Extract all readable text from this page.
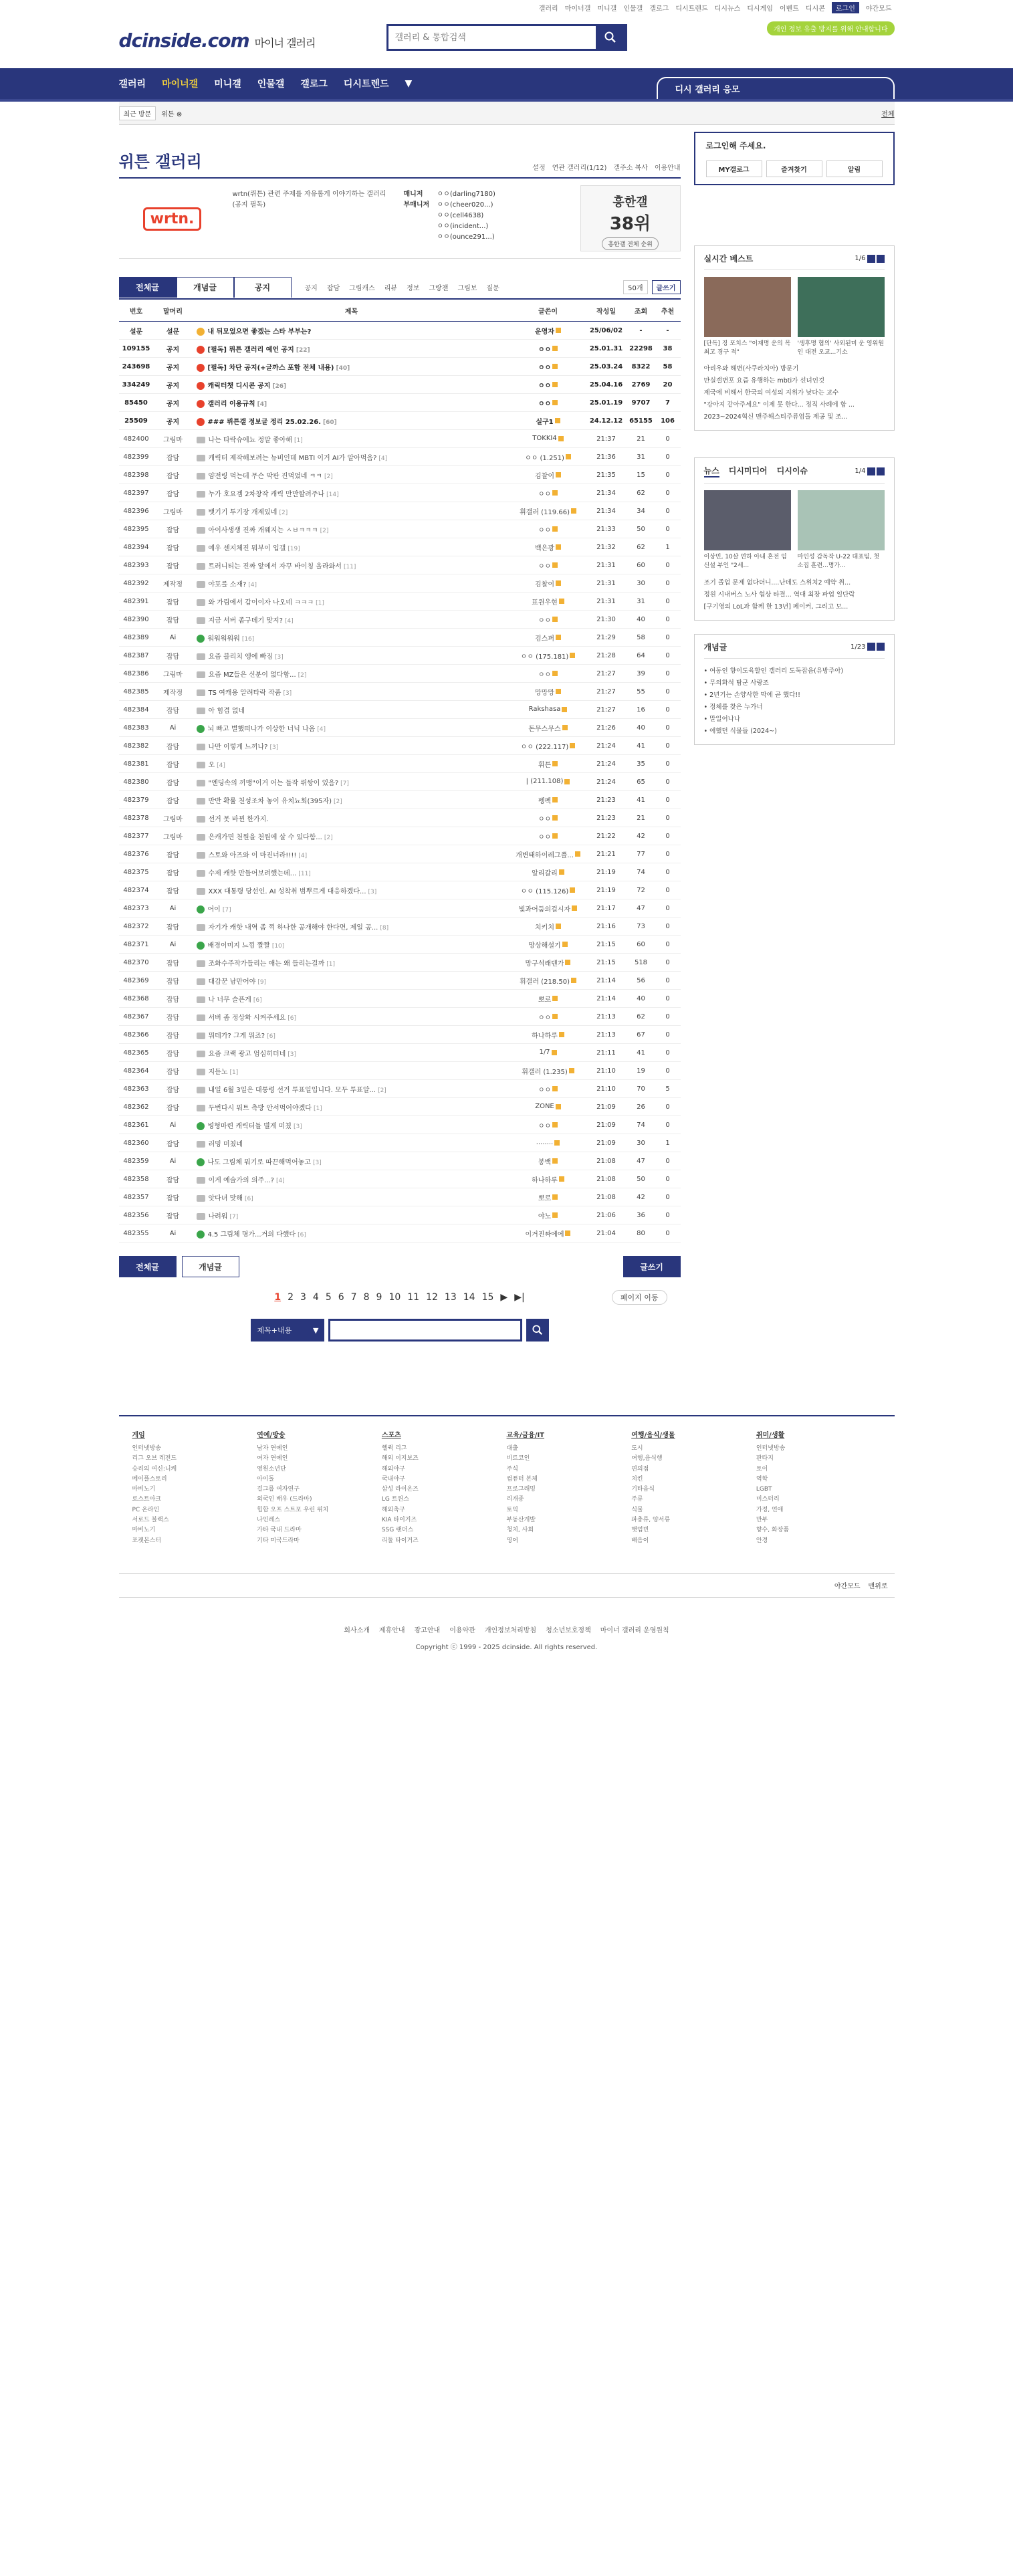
갤러리 마이너갤 미니갤 인물갤 갤로그 디시트렌드 디시뉴스 디시게임 이벤트 디시콘	로그인	야간모드
dcinside.com 마이너 갤러리
갤러리 & 통합검색
개인 정보 유출 방지를 위해 안내합니다
갤러리 마이너갤 미니갤 인물갤 갤로그 디시트렌드 ▼
디시 갤러리 응모
최근 방문	위튼 ⊗	전체
위튼 갤러리	설정 연관 갤러리(1/12) 갤주소 복사 이용안내
wrtn.
wrtn(뤼튼) 관련 주제를 자유롭게 이야기하는 갤러리 (공지 필독)
매니저 ㅇㅇ(darling7180)
부매니저 ㅇㅇ(cheer020...)
ㅇㅇ(cell4638)
ㅇㅇ(incident...)
ㅇㅇ(ounce291...)
흥한갤
38위
흥한갤 전체 순위
전체글	개념글	공지	공지 잡담 그림캐스 리뷰 정보 그랑챈 그림보 질문	50개	글쓰기
번호	말머리	제목	글쓴이	작성일	조회	추천
설문	설문	내 뒤모었으면 좋겠는 스타 부부는?	운영자	25/06/02	-	-
109155	공지	[필독] 뤼튼 갤러리 예언 공지 [22]	ㅇㅇ	25.01.31	22298	38
243698	공지	[필독] 차단 공지(+글까스 포함 전체 내용) [40]	ㅇㅇ	25.03.24	8322	58
334249	공지	캐릭터챗 디시콘 공지 [26]	ㅇㅇ	25.04.16	2769	20
85450	공지	갤러리 이용규칙 [4]	ㅇㅇ	25.01.19	9707	7
25509	공지	### 뤼튼갤 정보글 정리 25.02.26. [60]	실구1	24.12.12	65155	106
482400	그림마	나는 타락슈에뇨 정말 좋아해 [1]	TOKKI4	21:37	21	0
482399	잡담	캐릭터 제작해보려는 뉴비인데 MBTI 이거 AI가 알아먹음? [4]	ㅇㅇ (1.251)	21:36	31	0
482398	잡담	얌전링 먹는데 무슨 막판 진먹었네 ㅋㅋ [2]	김찰이	21:35	15	0
482397	잡담	누가 호요겜 2차창작 캐릭 만만할려주나 [14]	ㅇㅇ	21:34	62	0
482396	그림마	뱃기기 투기장 개제있네 [2]	휘갤러 (119.66)	21:34	34	0
482395	잡담	아이사생생 진짜 개웨지는 ㅅㅂㅋㅋㅋ [2]	ㅇㅇ	21:33	50	0
482394	잡담	예우 센지체진 뭐부이 입갤 [19]	백은광	21:32	62	1
482393	잡담	트러니티는 진짜 앞에서 자꾸 바이칭 올라와서 [11]	ㅇㅇ	21:31	60	0
482392	제작정	야포를 소재? [4]	김찰이	21:31	30	0
482391	잡담	와 가림에서 갑이이자 나오네 ㅋㅋㅋ [1]	표원우현	21:31	31	0
482390	잡담	지금 서버 좀구데기 맞지? [4]	ㅇㅇ	21:30	40	0
482389	Ai	워워워워워 [16]	검스퍼	21:29	58	0
482387	잡담	요즘 블리치 엥에 빠짐 [3]	ㅇㅇ (175.181)	21:28	64	0
482386	그림마	요즘 MZ들은 신분이 없다함... [2]	ㅇㅇ	21:27	39	0
482385	제작정	TS 여캐용 알려타락 작품 [3]	망망망	21:27	55	0
482384	잡담	아 힘겹 없네	Rakshasa	21:27	16	0
482383	Ai	뇌 빠고 별했떠나가 이상한 너닉 나옴 [4]	돈무스무스	21:26	40	0
482382	잡담	나만 이렇게 느끼나? [3]	ㅇㅇ (222.117)	21:24	41	0
482381	잡담	오 [4]	휘튼	21:24	35	0
482380	잡담	"엔딩속의 끼맹"이거 어는 들작 뤼쌍이 있음? [7]	| (211.108)	21:24	65	0
482379	잡담	반반 확률 천성조차 놓이 유치뇨회(395자) [2]	펭펙	21:23	41	0
482378	그림마	선거 못 바뀐 한가지.	ㅇㅇ	21:23	21	0
482377	그림마	은캐가면 천원을 천원에 살 수 있다함... [2]	ㅇㅇ	21:22	42	0
482376	잡담	스토와 아즈와 이 마진너라!!!! [4]	개변태하이레그플...	21:21	77	0
482375	잡담	수제 캐핫 만들어보려했는데... [11]	알리갈리	21:19	74	0
482374	잡담	XXX 대통령 당선인. AI 성착취 범뿌르게 대응하겠다... [3]	ㅇㅇ (115.126)	21:19	72	0
482373	Ai	어이 [7]	빛과어둠의걸시자	21:17	47	0
482372	잡담	자기가 캐핫 내역 좀 꺽 하나한 공개해야 한다면, 제일 공... [8]	치키치	21:16	73	0
482371	Ai	배경이미지 느낌 짤짤 [10]	망상해설기	21:15	60	0
482370	잡담	조화수주작가들리는 애는 왜 들리는걸까 [1]	망구석래덴가	21:15	518	0
482369	잡담	대감꾼 남만어야 [9]	휘갤러 (218.50)	21:14	56	0
482368	잡담	나 너무 슬픈게 [6]	뽀로	21:14	40	0
482367	잡담	서버 좀 정상화 시켜주세요 [6]	ㅇㅇ	21:13	62	0
482366	잡담	뭐데가? 그게 뭐죠? [6]	하나하루	21:13	67	0
482365	잡담	요즘 크랙 광고 엄심히더네 [3]	1/7	21:11	41	0
482364	잡담	지듣노 [1]	휘갤러 (1.235)	21:10	19	0
482363	잡담	내일 6월 3일은 대통령 선거 투표일입니다. 모두 투표알... [2]	ㅇㅇ	21:10	70	5
482362	잡담	두번다시 뭐트 측방 안서먹어야겠다 [1]	ZONE	21:09	26	0
482361	Ai	병형마련 캐릭터들 별게 미쳤 [3]	ㅇㅇ	21:09	74	0
482360	잡담	러밍 미쳤네	........	21:09	30	1
482359	Ai	나도 그림체 뭐기로 따끈해먹어놓고 [3]	봉백	21:08	47	0
482358	잡담	이게 예술가의 의주...? [4]	하나하루	21:08	50	0
482357	잡담	앗다녀 맛해 [6]	뽀로	21:08	42	0
482356	잡담	나려워 [7]	야노	21:06	36	0
482355	Ai	4.5 그림체 명가...거의 다했다 [6]	이거진짜에에	21:04	80	0
전체글	개념글	글쓰기
1 2 3 4 5 6 7 8 9 10 11 12 13 14 15 ▶ ▶|	페이지 이동
제목+내용	▼
로그인해 주세요.
MY갤로그	즐겨찾기	알림
실시간 베스트	1/6

[단독] 징 포치스 "이재명 운의 목 최고 경구 적"

'생후명 협의' 사외된미 운 영위원인 대전 오교...기소

아리우와 해변(사쿠라치아) 방문기
만실갤변포 요즘 유행하는 mbti가 선녀인것
제국에 비해서 한국의 여성의 지위가 낮다는 교수
"강아지 같아주세요" 이제 못 한다... 정직 사례에 합 ...
2023~2024혁신 맨주해스티주류엄돌 제공 및 조...
뉴스 디시미디어 디시이슈	1/4

이상민, 10살 연하 아내 혼전 임신설 부인 "2세...

마인성 감독작 U-22 대표팀, 첫 소집 훈련...명가...

조기 졸업 문제 없다더니....난데도 스위치2 예약 취...
정원 시내버스 노사 협상 타결... 역대 최장 파업 일단락
[구기영의 LoL과 함께 한 13년] 페이커, 그리고 모...
개념글	1/23
• 여동인 향이도육할인 갤러리 도둑잡음(유방주아)
• 무의화석 탐군 사랑조
• 2년기는 손양사한 막에 곧 했다!!
• 정체를 찾은 누가너
• 말일어나나
• 애했던 식물들 (2024~)
게임
인터넷방송
리그 오브 레전드
승리의 여신:니케
메이플스토리
마비노기
로스트아크
PC 온라인
서로드 블랙스
마비노기
포켓몬스터
연예/방송
남자 연예인
여자 연예인
영원소년단
아이돌
걸그룹 여자연구
외국인 배우 (드라마)
힙합 오프 스트포 우린 위치
나인레스
가타 국내 드라마
기타 미국드라마
스포츠
헬퀵 리그
해외 이지보즈
해외야구
국내야구
삼성 라이온즈
LG 트윈스
해외축구
KIA 타이거즈
SSG 랜더스
리둘 타이거즈
교육/금융/IT
대출
비트코인
주식
컴퓨터 본체
프로그래밍
리개종
토익
부동산개발
청치, 사회
영어
여행/음식/생물
도시
여행,음식행
편의점
치킨
기타음식
주류
식물
파충류, 양서류
햇엄빈
배음이
취미/생활
인터넷방송
판타지
토이
역학
LGBT
미스터리
가정, 연애
만부
향수, 화장품
안경
야간모드 맨위로
회사소개 제휴안내 광고안내 이용약관 개인정보처리방침 청소년보호정책 마이너 갤러리 운영원칙
Copyright ⓒ 1999 - 2025 dcinside. All rights reserved.
